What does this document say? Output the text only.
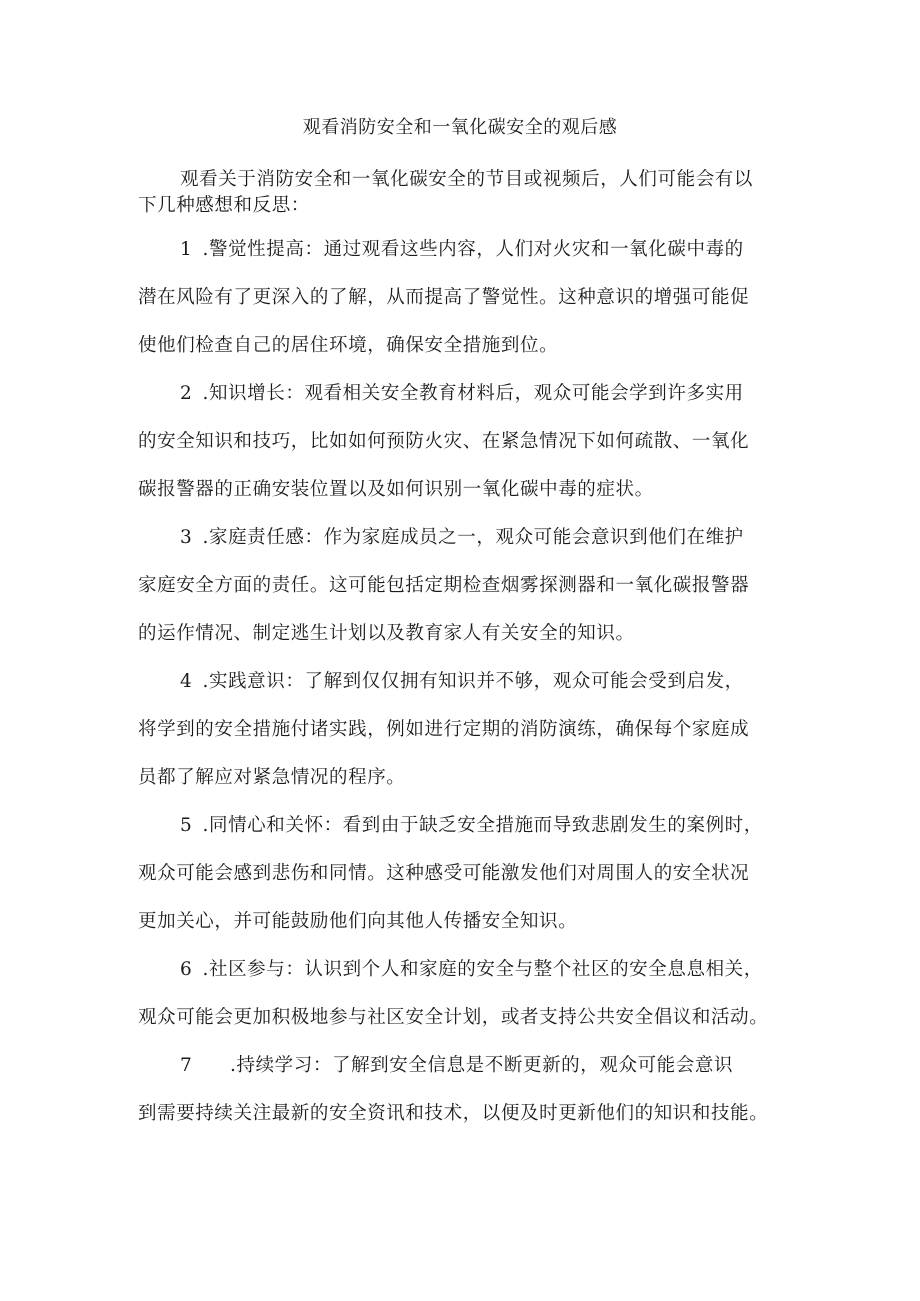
观看消防安全和一氧化碳安全的观后感
观看关于消防安全和一氧化碳安全的节目或视频后，人们可能会有以
下几种感想和反思：
1 .警觉性提高：通过观看这些内容，人们对火灾和一氧化碳中毒的
潜在风险有了更深入的了解，从而提高了警觉性。这种意识的增强可能促
使他们检查自己的居住环境，确保安全措施到位。
2 .知识增长：观看相关安全教育材料后，观众可能会学到许多实用
的安全知识和技巧，比如如何预防火灾、在紧急情况下如何疏散、一氧化
碳报警器的正确安装位置以及如何识别一氧化碳中毒的症状。
3 .家庭责任感：作为家庭成员之一，观众可能会意识到他们在维护
家庭安全方面的责任。这可能包括定期检查烟雾探测器和一氧化碳报警器
的运作情况、制定逃生计划以及教育家人有关安全的知识。
4 .实践意识：了解到仅仅拥有知识并不够，观众可能会受到启发，
将学到的安全措施付诸实践，例如进行定期的消防演练，确保每个家庭成
员都了解应对紧急情况的程序。
5 .同情心和关怀：看到由于缺乏安全措施而导致悲剧发生的案例时，
观众可能会感到悲伤和同情。这种感受可能激发他们对周围人的安全状况
更加关心，并可能鼓励他们向其他人传播安全知识。
6 .社区参与：认识到个人和家庭的安全与整个社区的安全息息相关，
观众可能会更加积极地参与社区安全计划，或者支持公共安全倡议和活动。
7 .持续学习：了解到安全信息是不断更新的，观众可能会意识
到需要持续关注最新的安全资讯和技术，以便及时更新他们的知识和技能。
